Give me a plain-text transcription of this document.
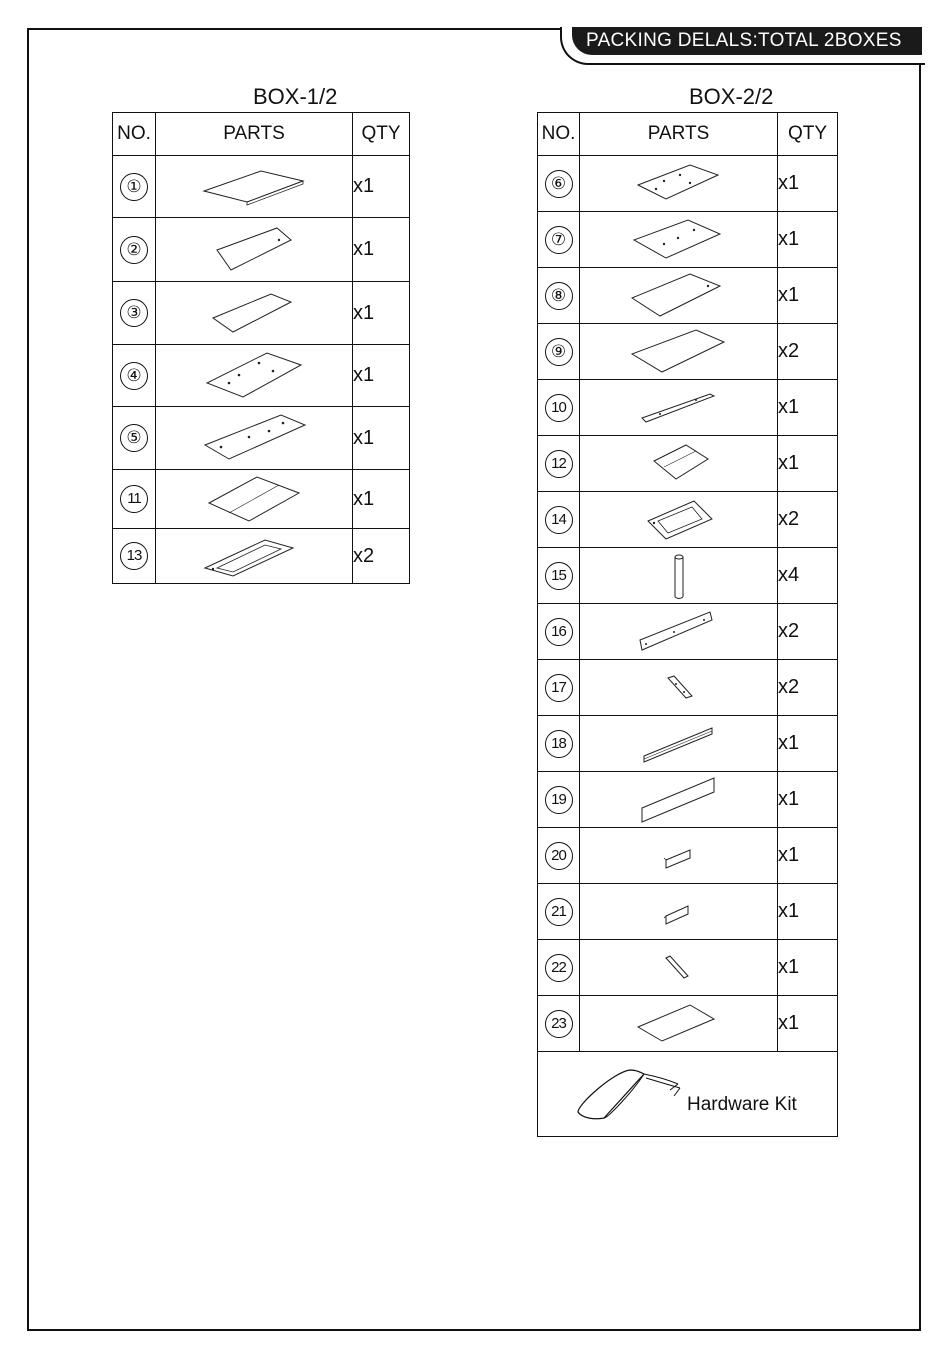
PACKING DELALS:TOTAL 2BOXES
BOX-1/2
NO.	PARTS	QTY
①		x1
②		x1
③		x1
④		x1
⑤		x1
11		x1
13		x2
BOX-2/2
NO.	PARTS	QTY
⑥		x1
⑦		x1
⑧		x1
⑨		x2
10		x1
12		x1
14		x2
15		x4
16		x2
17		x2
18		x1
19		x1
20		x1
21		x1
22		x1
23		x1

Hardware Kit		
